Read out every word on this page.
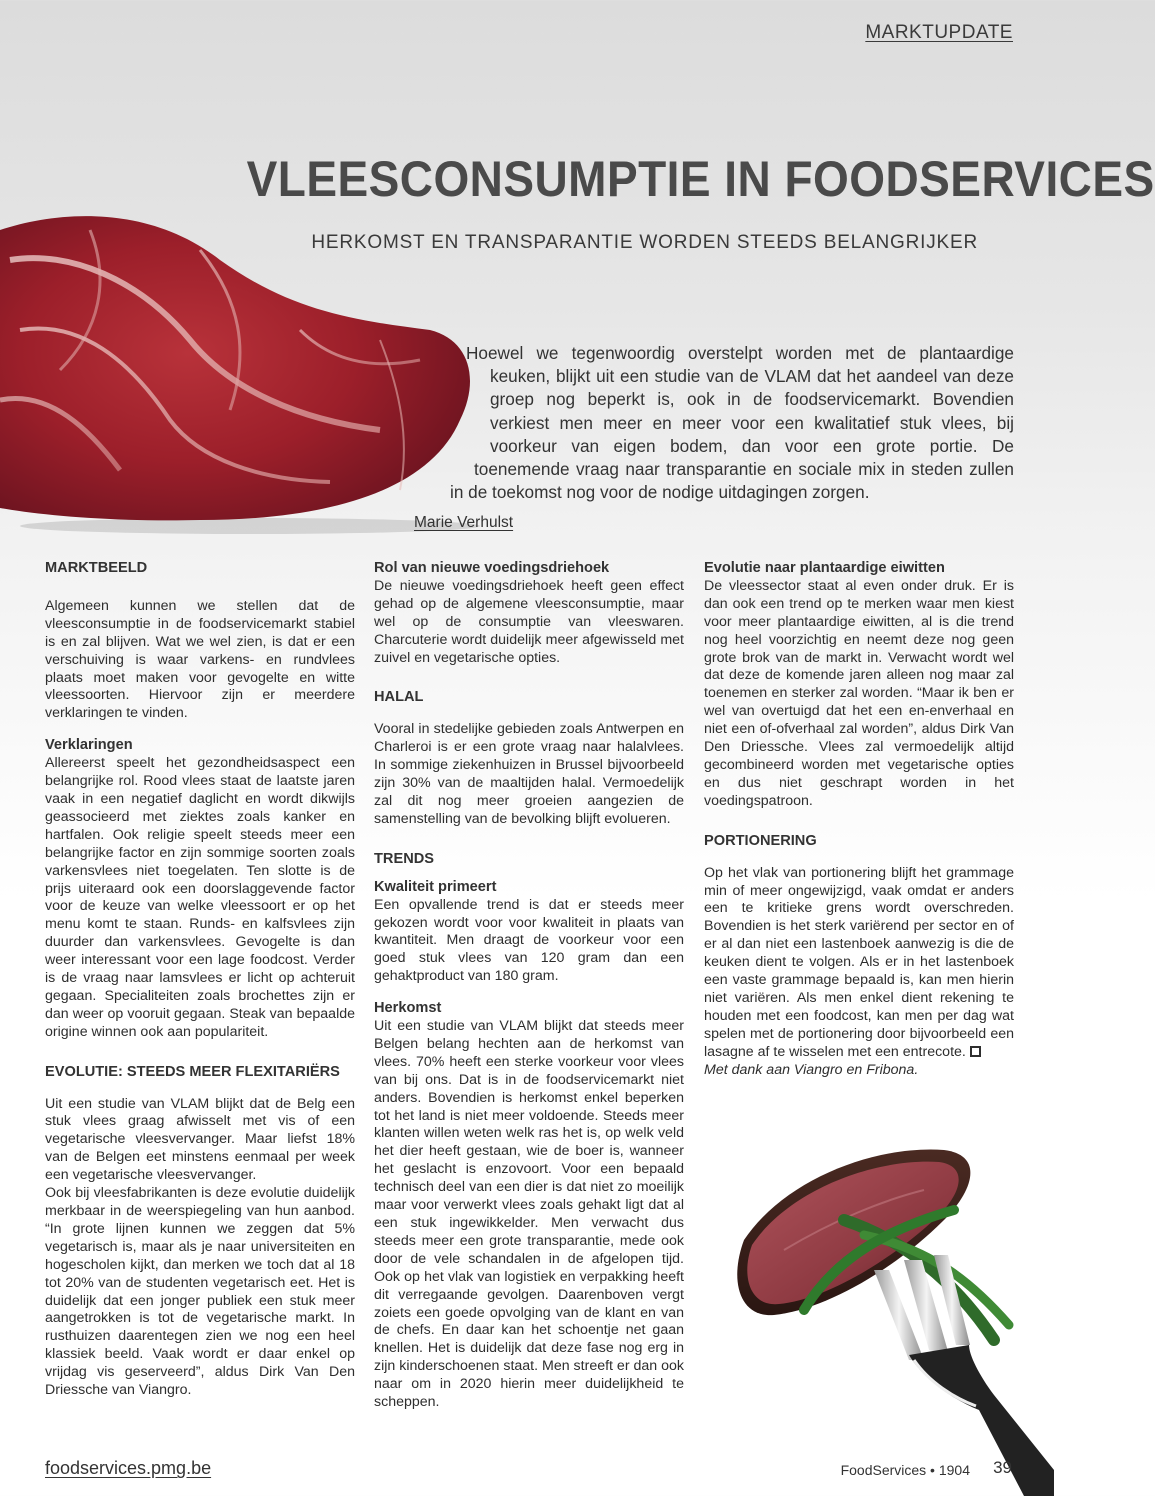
MARKTUPDATE
VLEESCONSUMPTIE IN FOODSERVICES
HERKOMST EN TRANSPARANTIE WORDEN STEEDS BELANGRIJKER
Hoewel we tegenwoordig overstelpt worden met de plantaardige
keuken, blijkt uit een studie van de VLAM dat het aandeel van deze
groep nog beperkt is, ook in de foodservicemarkt. Bovendien
verkiest men meer en meer voor een kwalitatief stuk vlees, bij
voorkeur van eigen bodem, dan voor een grote portie. De
toenemende vraag naar transparantie en sociale mix in steden zullen
in de toekomst nog voor de nodige uitdagingen zorgen.
Marie Verhulst
MARKTBEELD

Algemeen kunnen we stellen dat de vleesconsumptie in de foodservicemarkt stabiel is en zal blijven. Wat we wel zien, is dat er een verschuiving is waar varkens- en rundvlees plaats moet maken voor gevogelte en witte vleessoorten. Hiervoor zijn er meerdere verklaringen te vinden.

Verklaringen

Allereerst speelt het gezondheidsaspect een belangrijke rol. Rood vlees staat de laatste jaren vaak in een negatief daglicht en wordt dikwijls geassocieerd met ziektes zoals kanker en hartfalen. Ook religie speelt steeds meer een belangrijke factor en zijn sommige soorten zoals varkensvlees niet toegelaten. Ten slotte is de prijs uiteraard ook een doorslaggevende factor voor de keuze van welke vleessoort er op het menu komt te staan. Runds- en kalfsvlees zijn duurder dan varkensvlees. Gevogelte is dan weer interessant voor een lage foodcost. Verder is de vraag naar lamsvlees er licht op achteruit gegaan. Specialiteiten zoals brochettes zijn er dan weer op vooruit gegaan. Steak van bepaalde origine winnen ook aan populariteit.

EVOLUTIE: STEEDS MEER FLEXITARIËRS

Uit een studie van VLAM blijkt dat de Belg een stuk vlees graag afwisselt met vis of een vegetarische vleesvervanger. Maar liefst 18% van de Belgen eet minstens eenmaal per week een vegetarische vleesvervanger.

Ook bij vleesfabrikanten is deze evolutie duidelijk merkbaar in de weerspiegeling van hun aanbod. “In grote lijnen kunnen we zeggen dat 5% vegetarisch is, maar als je naar universiteiten en hogescholen kijkt, dan merken we toch dat al 18 tot 20% van de studenten vegetarisch eet. Het is duidelijk dat een jonger publiek een stuk meer aangetrokken is tot de vegetarische markt. In rusthuizen daarentegen zien we nog een heel klassiek beeld. Vaak wordt er daar enkel op vrijdag vis geserveerd”, aldus Dirk Van Den Driessche van Viangro.

Rol van nieuwe voedingsdriehoek

De nieuwe voedingsdriehoek heeft geen effect gehad op de algemene vleesconsumptie, maar wel op de consumptie van vleeswaren. Charcuterie wordt duidelijk meer afgewisseld met zuivel en vegetarische opties.

HALAL

Vooral in stedelijke gebieden zoals Antwerpen en Charleroi is er een grote vraag naar halalvlees. In sommige ziekenhuizen in Brussel bijvoorbeeld zijn 30% van de maaltijden halal. Vermoedelijk zal dit nog meer groeien aangezien de samenstelling van de bevolking blijft evolueren.

TRENDS
Kwaliteit primeert

Een opvallende trend is dat er steeds meer gekozen wordt voor voor kwaliteit in plaats van kwantiteit. Men draagt de voorkeur voor een goed stuk vlees van 120 gram dan een gehaktproduct van 180 gram.

Herkomst

Uit een studie van VLAM blijkt dat steeds meer Belgen belang hechten aan de herkomst van vlees. 70% heeft een sterke voorkeur voor vlees van bij ons. Dat is in de foodservicemarkt niet anders. Bovendien is herkomst enkel beperken tot het land is niet meer voldoende. Steeds meer klanten willen weten welk ras het is, op welk veld het dier heeft gestaan, wie de boer is, wanneer het geslacht is enzovoort. Voor een bepaald technisch deel van een dier is dat niet zo moeilijk maar voor verwerkt vlees zoals gehakt ligt dat al een stuk ingewikkelder. Men verwacht dus steeds meer een grote transparantie, mede ook door de vele schandalen in de afgelopen tijd. Ook op het vlak van logistiek en verpakking heeft dit verregaande gevolgen. Daarenboven vergt zoiets een goede opvolging van de klant en van de chefs. En daar kan het schoentje net gaan knellen. Het is duidelijk dat deze fase nog erg in zijn kinderschoenen staat. Men streeft er dan ook naar om in 2020 hierin meer duidelijkheid te scheppen.

Evolutie naar plantaardige eiwitten

De vleessector staat al even onder druk. Er is dan ook een trend op te merken waar men kiest voor meer plantaardige eiwitten, al is die trend nog heel voorzichtig en neemt deze nog geen grote brok van de markt in. Verwacht wordt wel dat deze de komende jaren alleen nog maar zal toenemen en sterker zal worden. “Maar ik ben er wel van overtuigd dat het een en-enverhaal en niet een of-ofverhaal zal worden”, aldus Dirk Van Den Driessche. Vlees zal vermoedelijk altijd gecombineerd worden met vegetarische opties en dus niet geschrapt worden in het voedingspatroon.

PORTIONERING

Op het vlak van portionering blijft het grammage min of meer ongewijzigd, vaak omdat er anders een te kritieke grens wordt overschreden. Bovendien is het sterk variërend per sector en of er al dan niet een lastenboek aanwezig is die de keuken dient te volgen. Als er in het lastenboek een vaste grammage bepaald is, kan men hierin niet variëren. Als men enkel dient rekening te houden met een foodcost, kan men per dag wat spelen met de portionering door bijvoorbeeld een lasagne af te wisselen met een entrecote.

Met dank aan Viangro en Fribona.

foodservices.pmg.be	FoodServices • 1904 39
